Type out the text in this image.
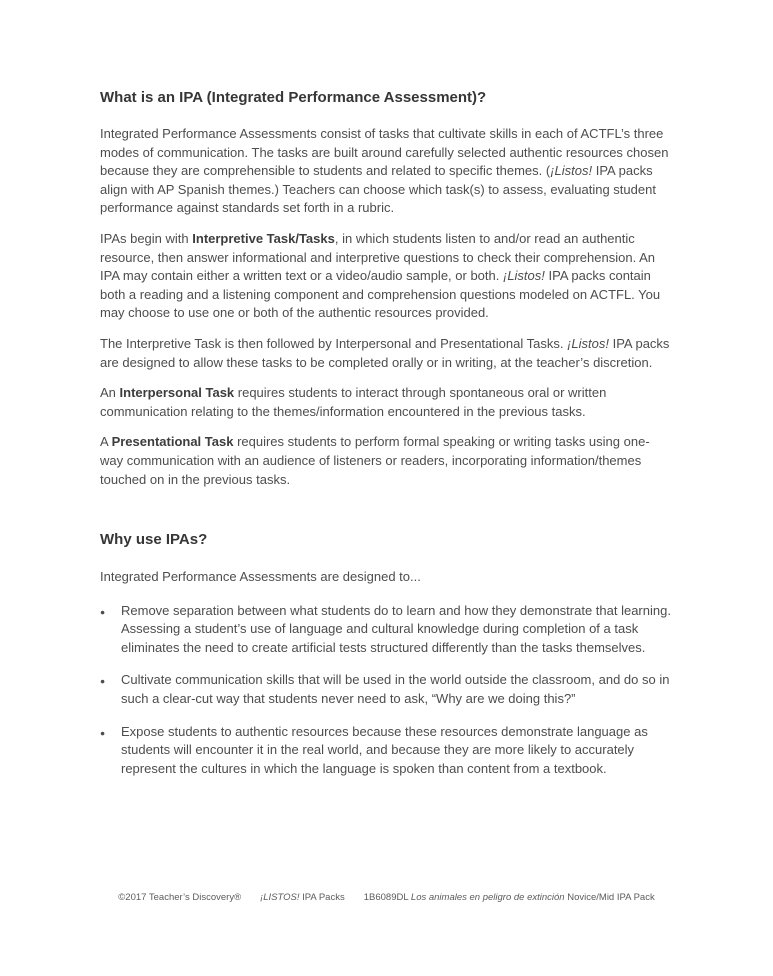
What is an IPA (Integrated Performance Assessment)?

Integrated Performance Assessments consist of tasks that cultivate skills in each of ACTFL’s three modes of communication. The tasks are built around carefully selected authentic resources chosen because they are comprehensible to students and related to specific themes. (¡Listos! IPA packs align with AP Spanish themes.) Teachers can choose which task(s) to assess, evaluating student performance against standards set forth in a rubric.

IPAs begin with Interpretive Task/Tasks, in which students listen to and/or read an authentic resource, then answer informational and interpretive questions to check their comprehension. An IPA may contain either a written text or a video/audio sample, or both. ¡Listos! IPA packs contain both a reading and a listening component and comprehension questions modeled on ACTFL. You may choose to use one or both of the authentic resources provided.

The Interpretive Task is then followed by Interpersonal and Presentational Tasks. ¡Listos! IPA packs are designed to allow these tasks to be completed orally or in writing, at the teacher’s discretion.

An Interpersonal Task requires students to interact through spontaneous oral or written communication relating to the themes/information encountered in the previous tasks.

A Presentational Task requires students to perform formal speaking or writing tasks using one-way communication with an audience of listeners or readers, incorporating information/themes touched on in the previous tasks.

Why use IPAs?

Integrated Performance Assessments are designed to...

●	Remove separation between what students do to learn and how they demonstrate that learning. Assessing a student’s use of language and cultural knowledge during completion of a task eliminates the need to create artificial tests structured differently than the tasks themselves.
●	Cultivate communication skills that will be used in the world outside the classroom, and do so in such a clear-cut way that students never need to ask, “Why are we doing this?”
●	Expose students to authentic resources because these resources demonstrate language as students will encounter it in the real world, and because they are more likely to accurately represent the cultures in which the language is spoken than content from a textbook.
©2017 Teacher’s Discovery® ¡LISTOS! IPA Packs 1B6089DL Los animales en peligro de extinción Novice/Mid IPA Pack
